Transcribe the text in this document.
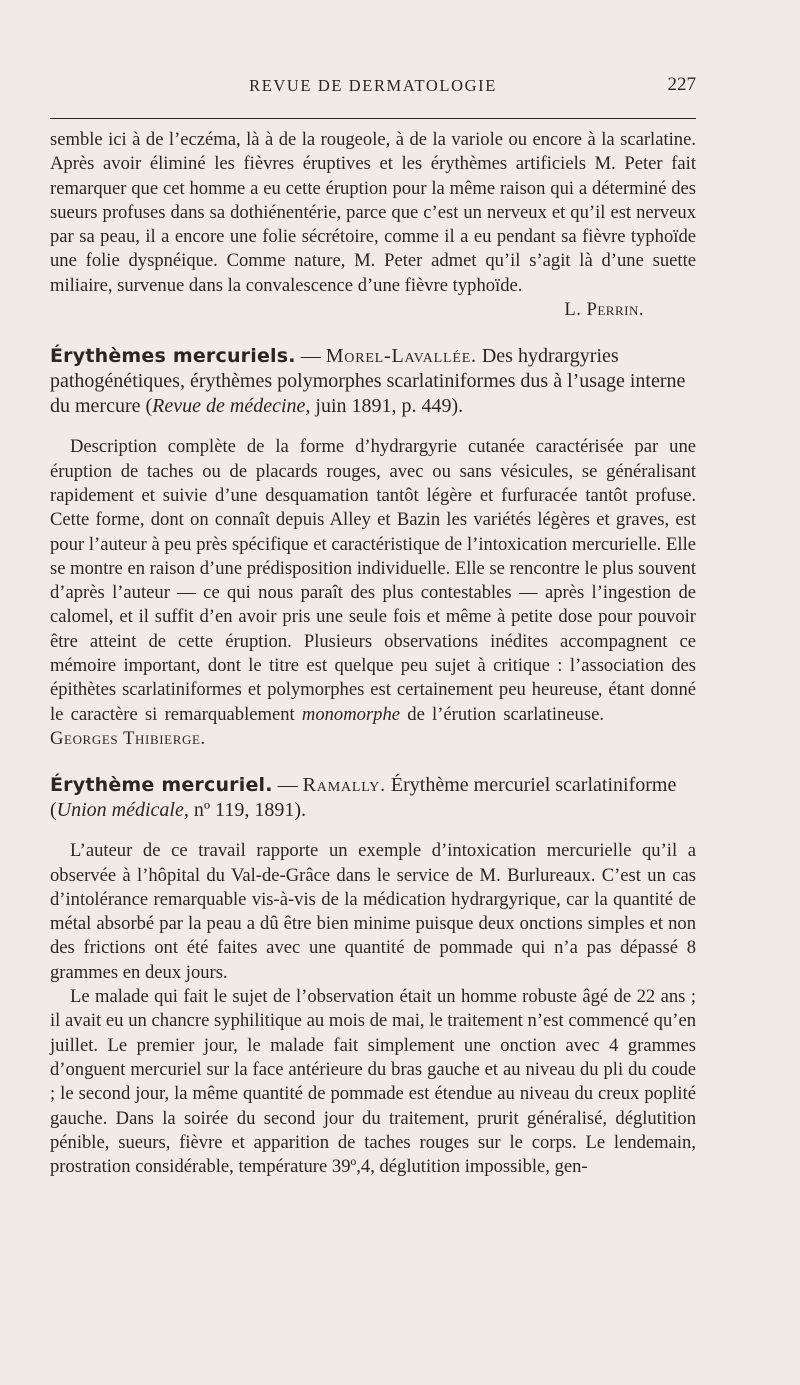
REVUE DE DERMATOLOGIE	227

semble ici à de l’eczéma, là à de la rougeole, à de la variole ou encore à la scarlatine. Après avoir éliminé les fièvres éruptives et les érythèmes artificiels M. Peter fait remarquer que cet homme a eu cette éruption pour la même raison qui a déterminé des sueurs profuses dans sa dothiénentérie, parce que c’est un nerveux et qu’il est nerveux par sa peau, il a encore une folie sécrétoire, comme il a eu pendant sa fièvre typhoïde une folie dyspnéique. Comme nature, M. Peter admet qu’il s’agit là d’une suette miliaire, survenue dans la convalescence d’une fièvre typhoïde.

L. Perrin.

Érythèmes mercuriels. — Morel-Lavallée. Des hydrargyries pathogénétiques, érythèmes polymorphes scarlatiniformes dus à l’usage interne du mercure (Revue de médecine, juin 1891, p. 449).

Description complète de la forme d’hydrargyrie cutanée caractérisée par une éruption de taches ou de placards rouges, avec ou sans vésicules, se généralisant rapidement et suivie d’une desquamation tantôt légère et furfuracée tantôt profuse. Cette forme, dont on connaît depuis Alley et Bazin les variétés légères et graves, est pour l’auteur à peu près spécifique et caractéristique de l’intoxication mercurielle. Elle se montre en raison d’une prédisposition individuelle. Elle se rencontre le plus souvent d’après l’auteur — ce qui nous paraît des plus contestables — après l’ingestion de calomel, et il suffit d’en avoir pris une seule fois et même à petite dose pour pouvoir être atteint de cette éruption. Plusieurs observations inédites accompagnent ce mémoire important, dont le titre est quelque peu sujet à critique : l’association des épithètes scarlatiniformes et polymorphes est certainement peu heureuse, étant donné le caractère si remarquablement monomorphe de l’érution scarlatineuse.Georges Thibierge.

Érythème mercuriel. — Ramally. Érythème mercuriel scarlatiniforme (Union médicale, nº 119, 1891).

L’auteur de ce travail rapporte un exemple d’intoxication mercurielle qu’il a observée à l’hôpital du Val-de-Grâce dans le service de M. Burlureaux. C’est un cas d’intolérance remarquable vis-à-vis de la médication hydrargyrique, car la quantité de métal absorbé par la peau a dû être bien minime puisque deux onctions simples et non des frictions ont été faites avec une quantité de pommade qui n’a pas dépassé 8 grammes en deux jours.

Le malade qui fait le sujet de l’observation était un homme robuste âgé de 22 ans ; il avait eu un chancre syphilitique au mois de mai, le traitement n’est commencé qu’en juillet. Le premier jour, le malade fait simplement une onction avec 4 grammes d’onguent mercuriel sur la face antérieure du bras gauche et au niveau du pli du coude ; le second jour, la même quantité de pommade est étendue au niveau du creux poplité gauche. Dans la soirée du second jour du traitement, prurit généralisé, déglutition pénible, sueurs, fièvre et apparition de taches rouges sur le corps. Le lendemain, prostration considérable, température 39º,4, déglutition impossible, gen-
